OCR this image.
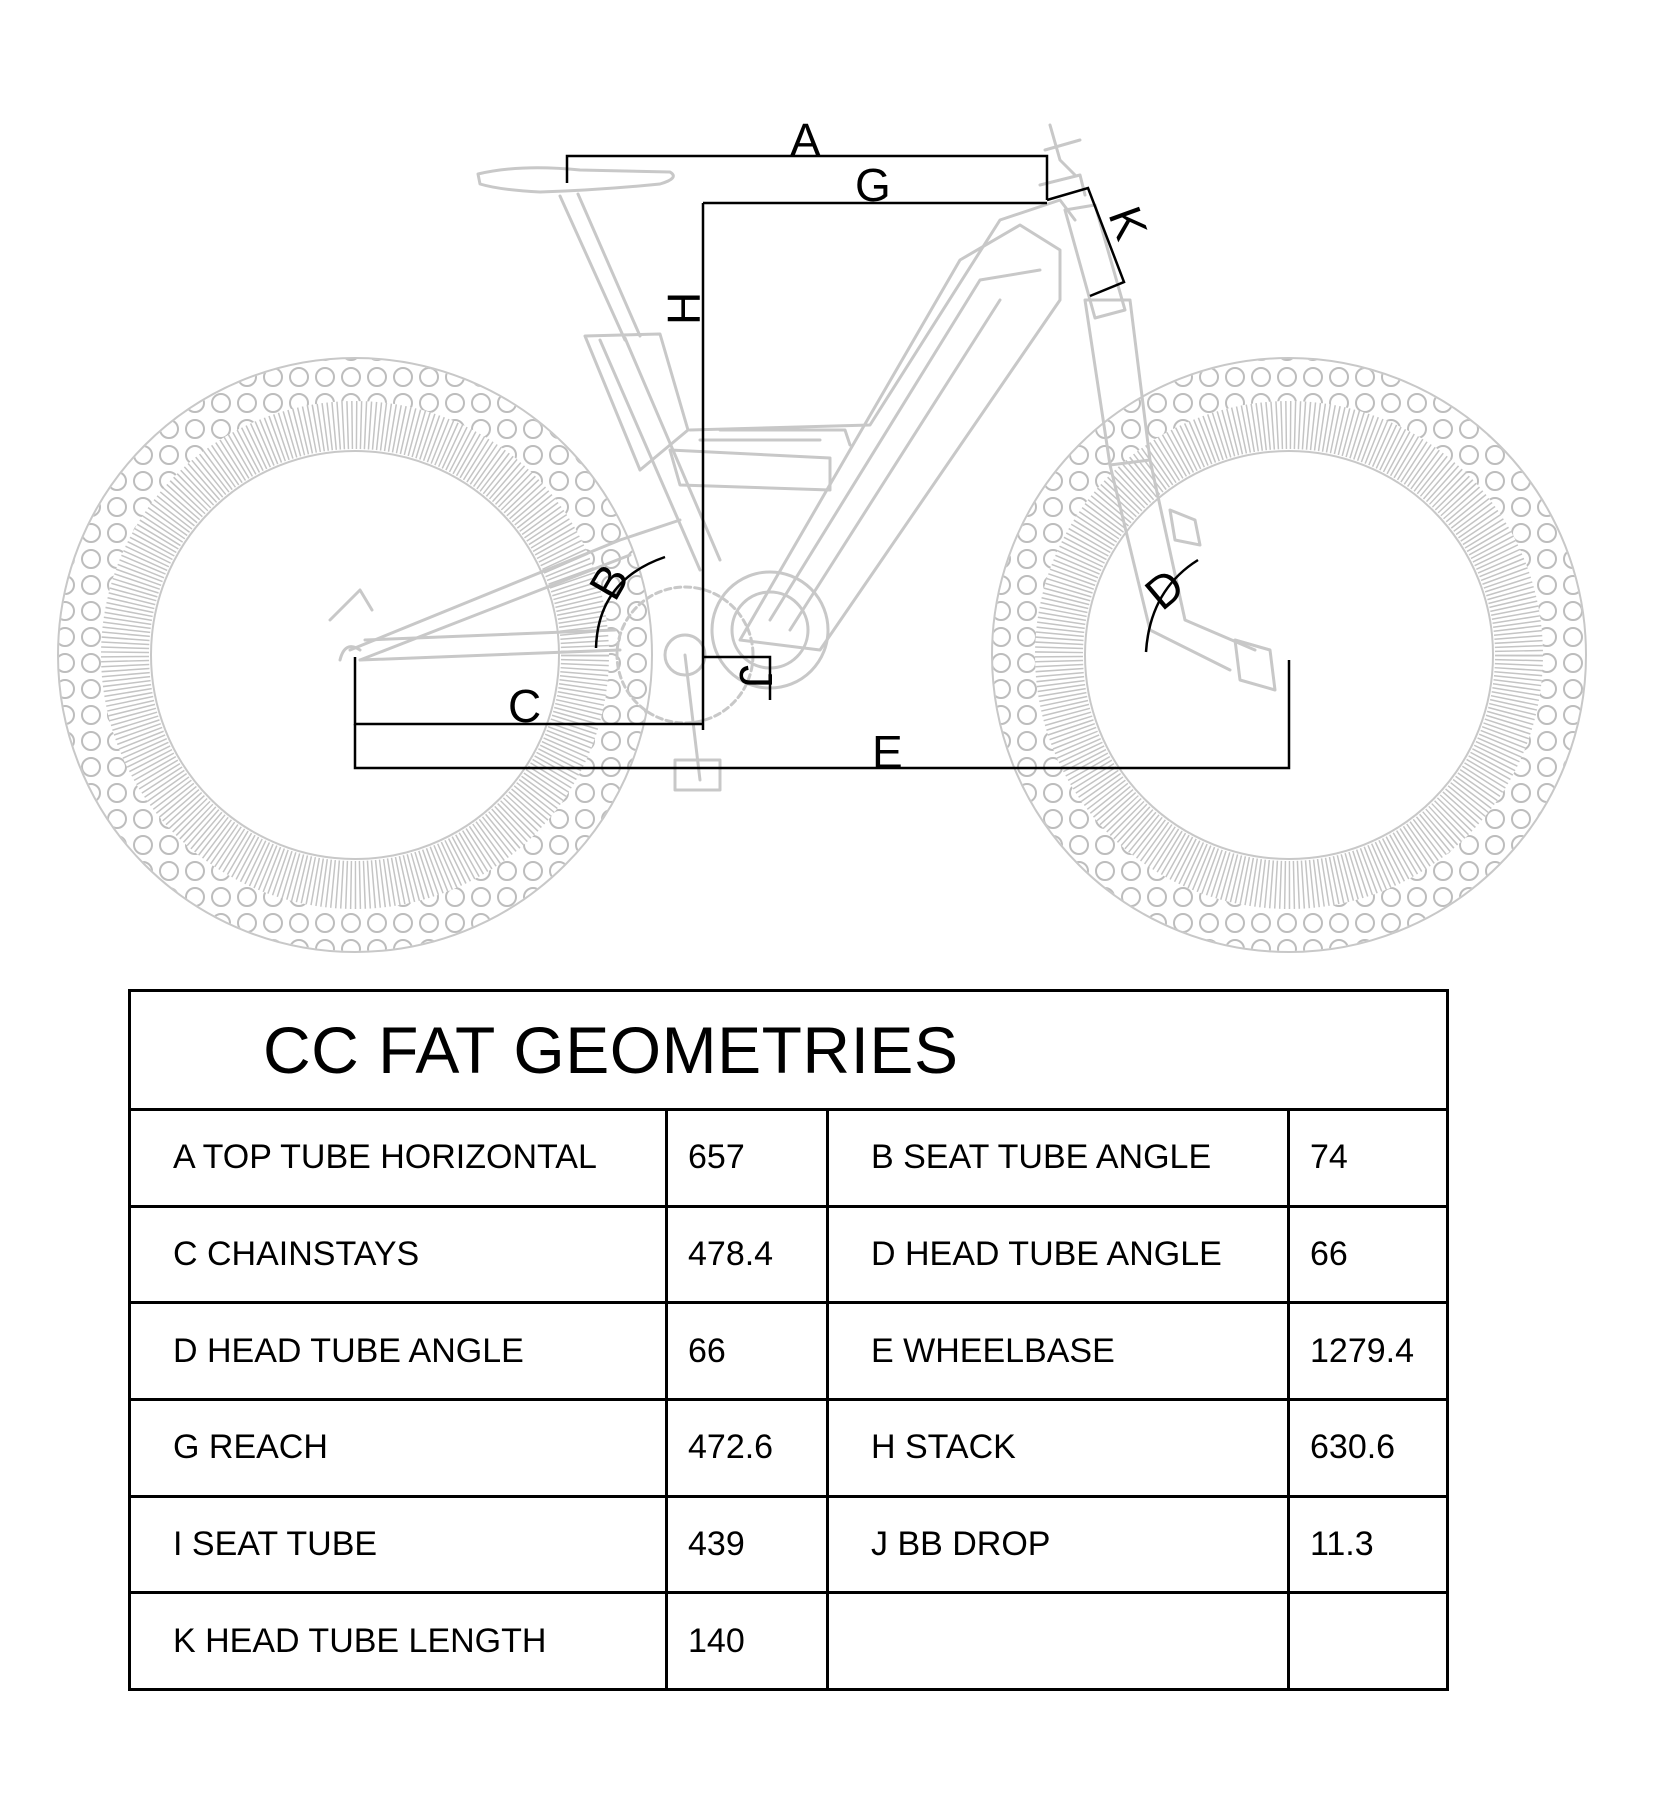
A
G
H
K
B	D
C
J
E
CC FAT GEOMETRIES			
A TOP TUBE HORIZONTAL	657	B SEAT TUBE ANGLE	74
C CHAINSTAYS	478.4	D HEAD TUBE ANGLE	66
D HEAD TUBE ANGLE	66	E WHEELBASE	1279.4
G REACH	472.6	H STACK	630.6
I SEAT TUBE	439	J BB DROP	11.3
K HEAD TUBE LENGTH	140		
